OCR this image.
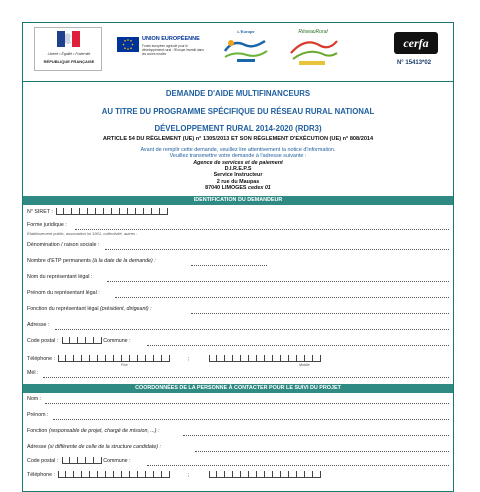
Liberté • Égalité • Fraternité
RÉPUBLIQUE FRANÇAISE
UNION EUROPÉENNE
Fonds européen agricole pour le développement rural : l'Europe investit dans les zones rurales
L'Europe	RéseauRural
cerfa
N° 15413*02
DEMANDE D'AIDE MULTIFINANCEURS
AU TITRE DU PROGRAMME SPÉCIFIQUE DU RÉSEAU RURAL NATIONAL
DÉVELOPPEMENT RURAL 2014-2020 (RDR3)
ARTICLE 54 DU RÈGLEMENT (UE) n° 1305/2013 ET SON RÈGLEMENT D'EXÉCUTION (UE) n° 808/2014
Avant de remplir cette demande, veuillez lire attentivement la notice d'information.
Veuillez transmettre votre demande à l'adresse suivante :
Agence de services et de paiement
D.I.R.E.P.S
Service Instructeur
2 rue du Maupas
87040 LIMOGES cedex 01
IDENTIFICATION DU DEMANDEUR
N° SIRET :
Forme juridique :
Établissement public, association loi 1901, collectivité, autres :
Dénomination / raison sociale :
Nombre d'ETP permanents (à la date de la demande) :
Nom du représentant légal :
Prénom du représentant légal :
Fonction du représentant légal (président, dirigeant) :
Adresse :
Code postal :	Commune :
Téléphone :	;
Fixe	Mobile
Mél :
COORDONNÉES DE LA PERSONNE À CONTACTER POUR LE SUIVI DU PROJET
Nom :
Prénom :
Fonction (responsable de projet, chargé de mission, ...) :
Adresse (si différente de celle de la structure candidate) :
Code postal :	Commune :
Téléphone :	;
